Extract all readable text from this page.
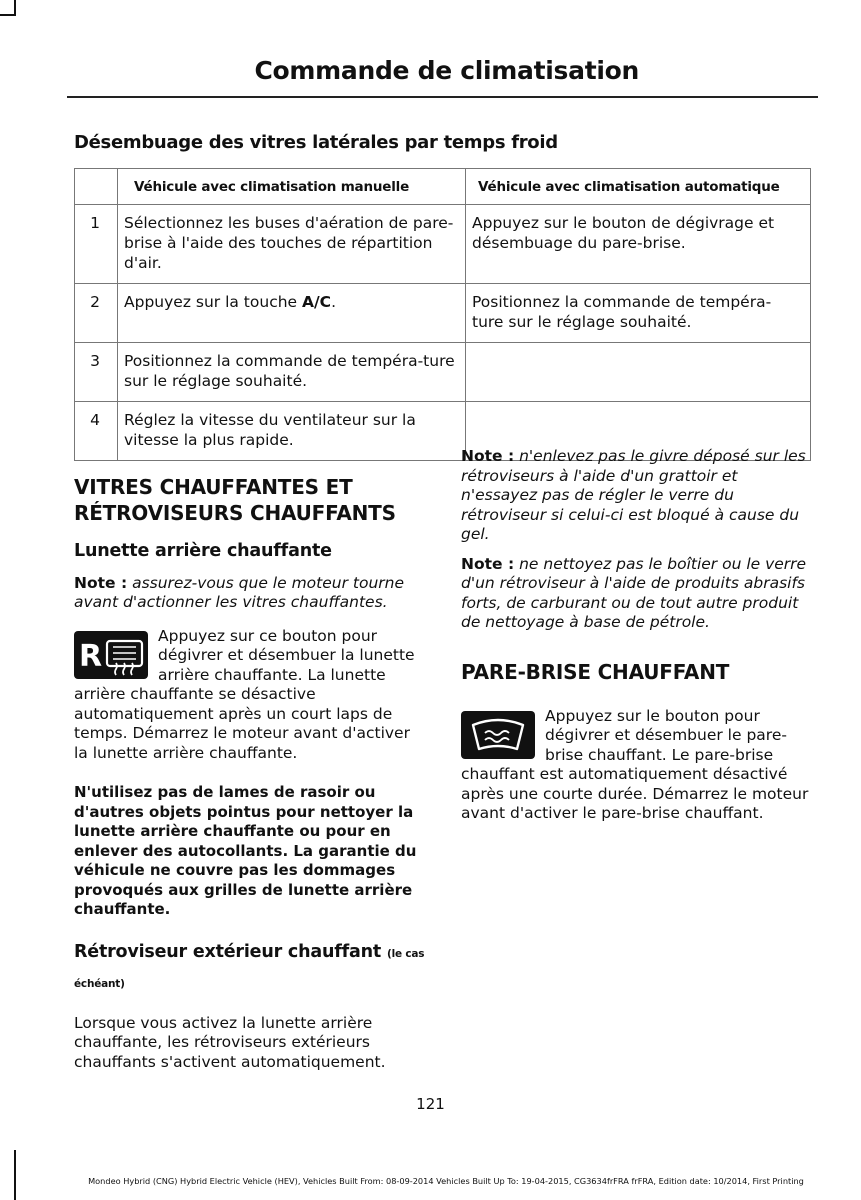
Commande de climatisation
Désembuage des vitres latérales par temps froid
	Véhicule avec climatisation manuelle	Véhicule avec climatisation automatique
1	Sélectionnez les buses d'aération de pare-brise à l'aide des touches de répartition d'air.	Appuyez sur le bouton de dégivrage et désembuage du pare-brise.
2	Appuyez sur la touche A/C.	Positionnez la commande de tempéra-ture sur le réglage souhaité.
3	Positionnez la commande de tempéra-ture sur le réglage souhaité.	
4	Réglez la vitesse du ventilateur sur la vitesse la plus rapide.	
VITRES CHAUFFANTES ET RÉTROVISEURS CHAUFFANTS
Lunette arrière chauffante
Note : assurez-vous que le moteur tourne avant d'actionner les vitres chauffantes.
R
Appuyez sur ce bouton pour dégivrer et désembuer la lunette arrière chauffante. La lunette arrière chauffante se désactive automatiquement après un court laps de temps. Démarrez le moteur avant d'activer la lunette arrière chauffante.
N'utilisez pas de lames de rasoir ou d'autres objets pointus pour nettoyer la lunette arrière chauffante ou pour en enlever des autocollants. La garantie du véhicule ne couvre pas les dommages provoqués aux grilles de lunette arrière chauffante.
Rétroviseur extérieur chauffant (le cas échéant)
Lorsque vous activez la lunette arrière chauffante, les rétroviseurs extérieurs chauffants s'activent automatiquement.
Note : n'enlevez pas le givre déposé sur les rétroviseurs à l'aide d'un grattoir et n'essayez pas de régler le verre du rétroviseur si celui-ci est bloqué à cause du gel.
Note : ne nettoyez pas le boîtier ou le verre d'un rétroviseur à l'aide de produits abrasifs forts, de carburant ou de tout autre produit de nettoyage à base de pétrole.
PARE-BRISE CHAUFFANT
Appuyez sur le bouton pour dégivrer et désembuer le pare-brise chauffant. Le pare-brise chauffant est automatiquement désactivé après une courte durée. Démarrez le moteur avant d'activer le pare-brise chauffant.
121
Mondeo Hybrid (CNG) Hybrid Electric Vehicle (HEV), Vehicles Built From: 08-09-2014 Vehicles Built Up To: 19-04-2015, CG3634frFRA frFRA, Edition date: 10/2014, First Printing
